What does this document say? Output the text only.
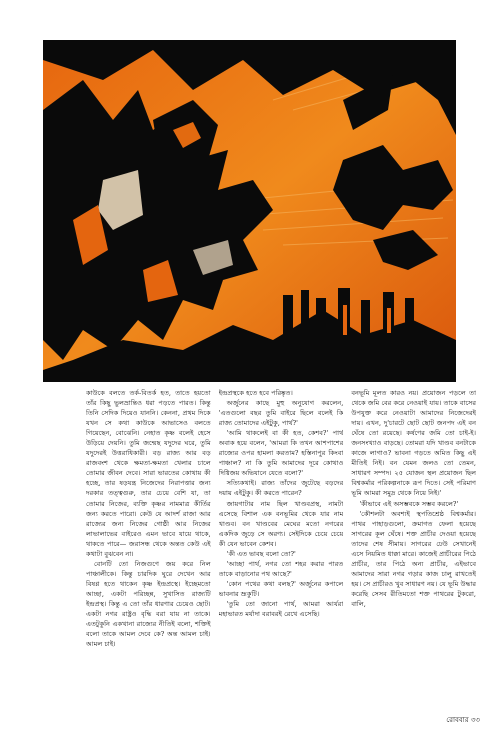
কাউকে বলতে তর্ক-বিতর্ক হত, তাতে হয়তো তাঁর কিছু ভুলভ্রান্তিও ধরা পড়তে পারত। কিন্তু তিনি সেদিক দিয়েও যাননি। কেননা, প্রথম দিকে যখন সে কথা কাউকে আভাসেও বলতে গিয়েছেন, বোঝেনি। নেহাত কৃষ্ণ বলেই হেসে উড়িয়ে দেয়নি। তুমি জন্মেছ যদুদের ঘরে, তুমি যদুদেরই উত্তরাধিকারী। বড় রাজ্য আর বড় রাজবংশ থেকে ক্ষমতা-ক্ষমতা খেলার চালে তোমার জীবন দেবে। সারা ভারতের কোথায় কী হচ্ছে, তার ষড়যন্ত্র নিজেদের নিরাপত্তার জন্য দরকার তত্ত্বগুরু, তার চেয়ে বেশি যা, তা তোমার নিজের, ব্যক্তি কৃষ্ণর নামমাত্র কীর্তির জন্য করতে পারো। কেউ যে আদর্শ রাজা আর রাজ্যের জন্য নিজের গোষ্ঠী আর নিজের লাভালাভের বাইরেও এমন ভাবে যায়ে থাকে, থাকতে পারে— জরাসন্ধ থেকে অন্তত কেউ এই কথাটা বুঝবেন না।

বোনটি তো নিজগুণে জয় করে নিল পাঞ্চালীকে। কিন্তু চারদিক ঘুরে দেখেন আর বিষণ্ণ হতে থাকেন কৃষ্ণ ইন্দ্রপ্রস্থে। ইচ্ছেমতো আচ্ছা, একটা পরিচ্ছন্ন, সুখাসিত রাজ্যটি ইন্দ্রপ্রস্থ। কিন্তু এ তো তাঁর ধারণার চেয়েও ছোট। একটা নগর রাষ্ট্রও বৃদ্ধি বরা যায় না তাকে। এতটুকুনি একখানা রাজ্যের নীতিই বলো, শক্তিই বলো তাকে আমল দেবে কে? অন্ত আমল চাই। আমল চাই।

ইন্দ্রপ্রস্থকে হতে হবে পরিষ্কৃত।

অর্জুনের কাছে মুহু অনুযোগ করলেন, 'এতগুলো বছর তুমি বাইরে ছিলে বলেই কি রাজ্য তোমাদের এইটুকু, পার্থ?'

'আমি থাকলেই বা কী হত, কেশব?' পার্থ অবাক হয়ে বলেন, 'আমরা কি তখন আশপাশের রাজ্যের ওপর হামলা করতাম? হস্তিনাপুর কিংবা পাঞ্চাল? না কি তুমি আমাদের দূরে কোথাও দিগ্বিজয় অভিযানে যেতে বলো?'

সত্যিকথাই। রাজ্য তাঁদের জুটেছে বড়দের দয়ায় এইটুকু। কী করতে পারেন?

জায়গাটার নাম ছিল খাণ্ডবপ্রস্থ, নামটা এসেছে বিশাল এক বনভূমির থেকে যার নাম খাণ্ডব। বন খাণ্ডবের মেঘের মতো নগরের একদিক জুড়ে সে অরণ্য। সেইদিকে চেয়ে চেয়ে কী যেন ভাবেন কেশব।

'কী এত ভাবছ বলো তো?'

'আচ্ছা পার্থ, নগর তো শহর করার পারত তাকে বাড়ানোর পথ আছে?'

'কোন পথের কথা বলছ?' অর্জুনের কপালে ভাবনার ভ্রূকুটি।

'তুমি তো জানো পার্থ, আমরা আর্যরা মহাভারত মর্যাদা বরাবরই রেখে এসেছি।

বনভূমি মূলত কারও নয়। প্রয়োজন পড়লে তা থেকে জমি বের করে নেওয়াই যায়। তাকে বাসের উপযুক্ত করে নেওয়াটা আমাদের নিজেদেরই দায়। এখন, দু'চারটে ছোট ছোট জনপদ এই বন ঘেঁষে তো রয়েছে। কর্ষণের জমি তো চাই-ই। জনসংখ্যাও বাড়ছে। তোমরা যদি খাণ্ডব বনটাকে কাজে লাগাও? ভাবনা গড়তে অমিত কিছু এই মীতিই নিই। বন যেমন জলও তো তেমন, সাধারণ সম্পদ। ২৫ যোজন স্থল প্রয়োজন ছিল বিশ্বকর্মার পরিকল্পনাকে রূপ দিতে। সেই পরিমাণ ভূমি আমরা সমুদ্র থেকে নিয়ে নিই।'

'কীভাবে এই অসম্ভবকে সম্ভব করলে?'

'কৌশলটা অবশ্যই স্থপতিশ্রেষ্ঠ বিশ্বকর্মার। পাথর পাহাড়গুলো, ক্রমাগত ফেলা হয়েছে সাগরের কূল ঘেঁষে। শক্ত প্রাচীর দেওয়া হয়েছে তাদের শেষ সীমায়। সাগরের ঢেউ সেখানেই এসে নিয়মিত ধাক্কা মারে। কাজেই প্রাচীরের পিঠে প্রাচীর, তার পিঠে অন্য প্রাচীর, এইভাবে আমাদের সারা নগর গড়ার কাজ চালু রাখতেই হয়। সে প্রাচীরও খুব সাধারণ নয়। যে ভূমি উদ্ধার করেছি সেসব রীতিমতো শক্ত পাথরের টুকরো, বালি,

রোববার ৩৩
